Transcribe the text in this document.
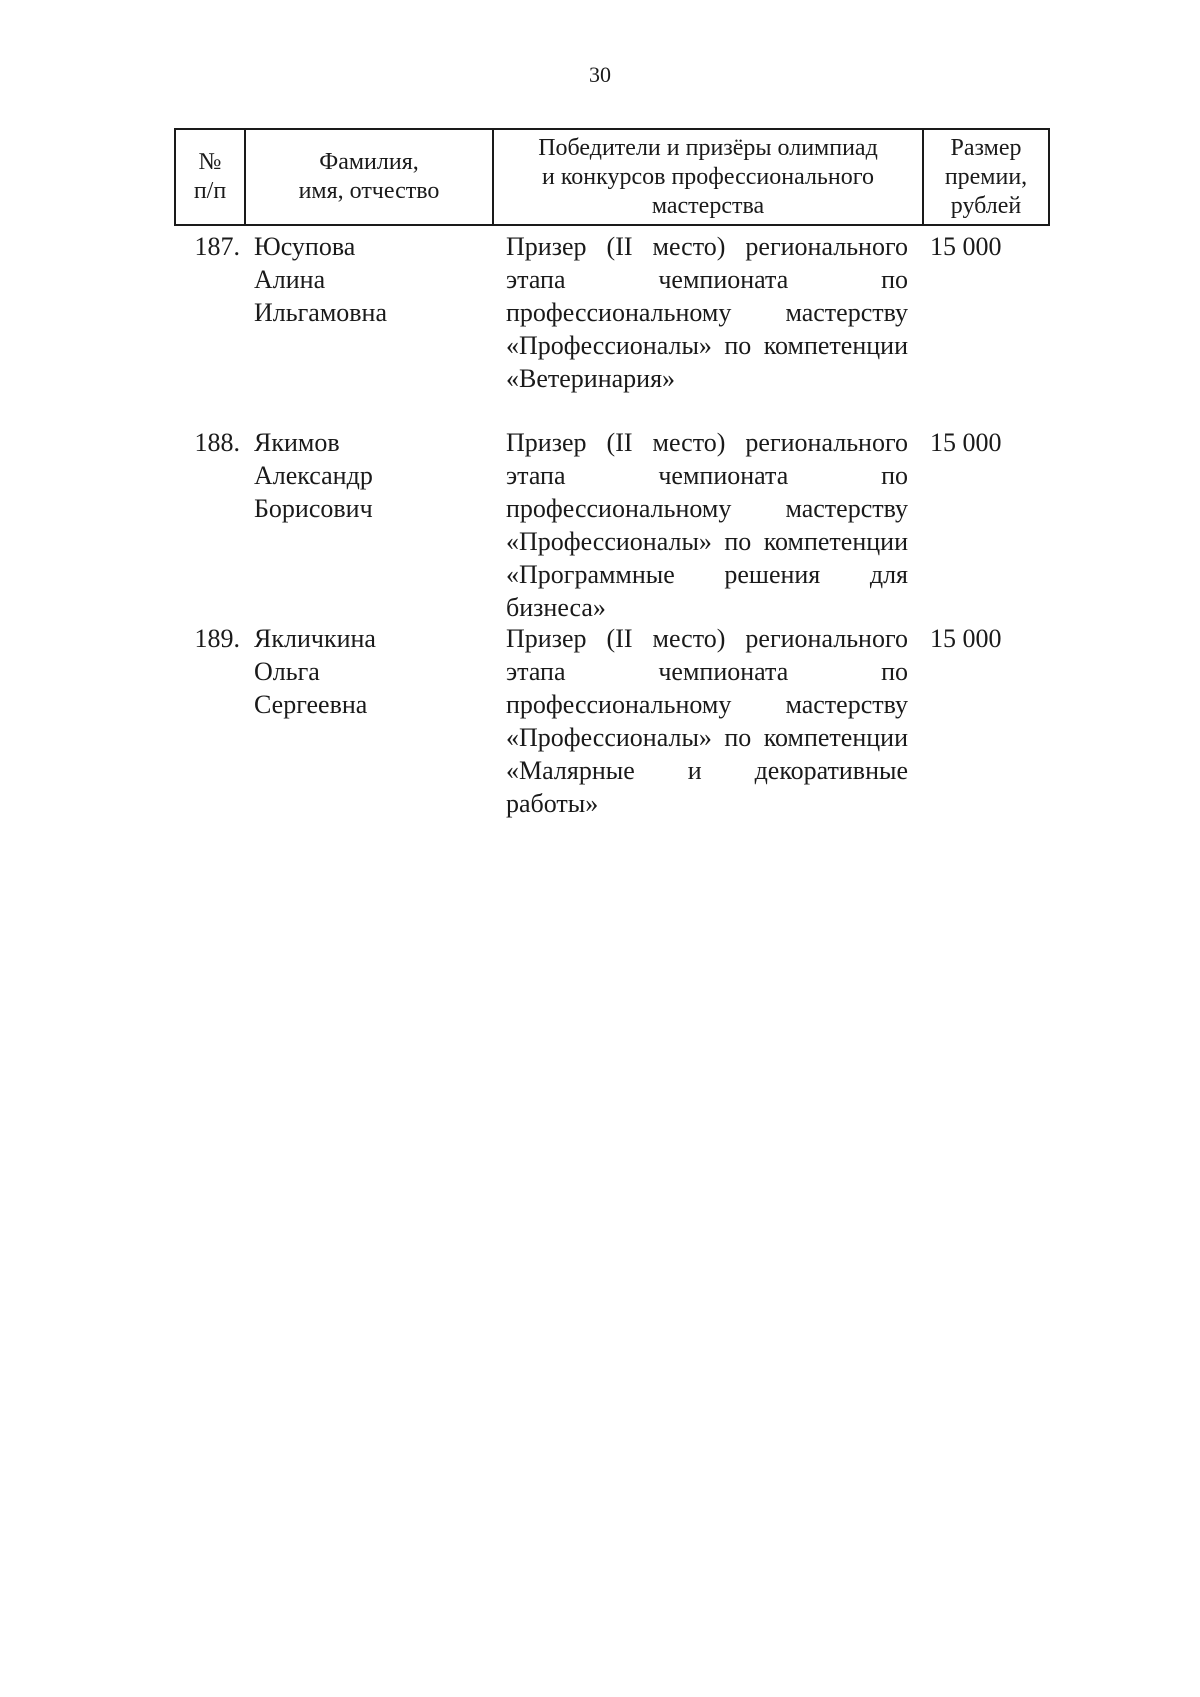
30
№
п/п
Фамилия,
имя, отчество
Победители и призёры олимпиад
и конкурсов профессионального
мастерства
Размер
премии,
рублей
187. Юсупова
Алина
Ильгамовна
Призер (II место) регионального этапа чемпионата по профессиональному мастерству «Профессионалы» по компетенции «Ветеринария»
15 000
188. Якимов
Александр
Борисович
Призер (II место) регионального этапа чемпионата по профессиональному мастерству «Профессионалы» по компетенции «Программные решения для бизнеса»
15 000
189. Якличкина
Ольга
Сергеевна
Призер (II место) регионального этапа чемпионата по профессиональному мастерству «Профессионалы» по компетенции «Малярные и декоративные работы»
15 000
